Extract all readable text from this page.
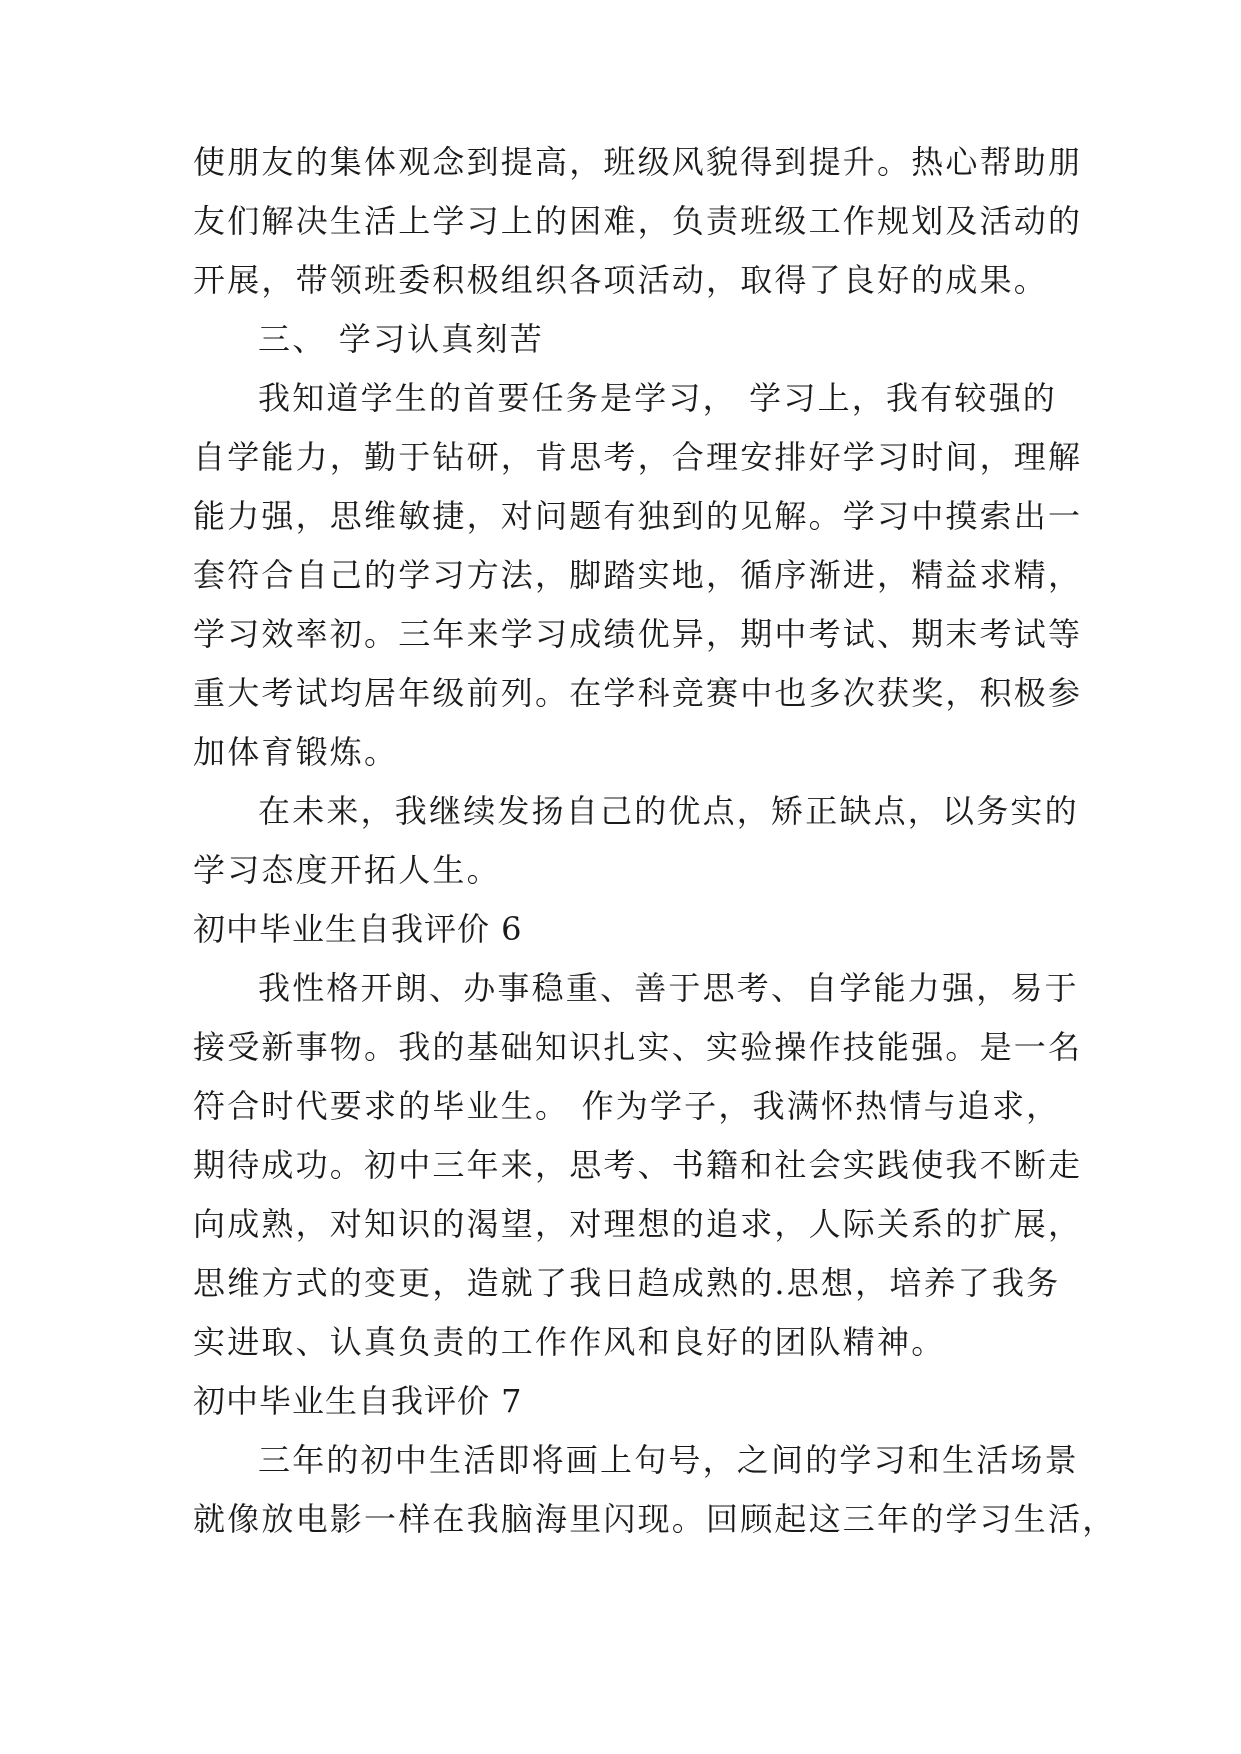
使朋友的集体观念到提高，班级风貌得到提升。热心帮助朋
友们解决生活上学习上的困难，负责班级工作规划及活动的
开展，带领班委积极组织各项活动，取得了良好的成果。
三、 学习认真刻苦
我知道学生的首要任务是学习， 学习上，我有较强的
自学能力，勤于钻研，肯思考，合理安排好学习时间，理解
能力强，思维敏捷，对问题有独到的见解。学习中摸索出一
套符合自己的学习方法，脚踏实地，循序渐进，精益求精，
学习效率初。三年来学习成绩优异，期中考试、期末考试等
重大考试均居年级前列。在学科竞赛中也多次获奖，积极参
加体育锻炼。
在未来，我继续发扬自己的优点，矫正缺点，以务实的
学习态度开拓人生。
初中毕业生自我评价 6
我性格开朗、办事稳重、善于思考、自学能力强，易于
接受新事物。我的基础知识扎实、实验操作技能强。是一名
符合时代要求的毕业生。 作为学子，我满怀热情与追求，
期待成功。初中三年来，思考、书籍和社会实践使我不断走
向成熟，对知识的渴望，对理想的追求，人际关系的扩展，
思维方式的变更，造就了我日趋成熟的.思想，培养了我务
实进取、认真负责的工作作风和良好的团队精神。
初中毕业生自我评价 7
三年的初中生活即将画上句号，之间的学习和生活场景
就像放电影一样在我脑海里闪现。回顾起这三年的学习生活，
